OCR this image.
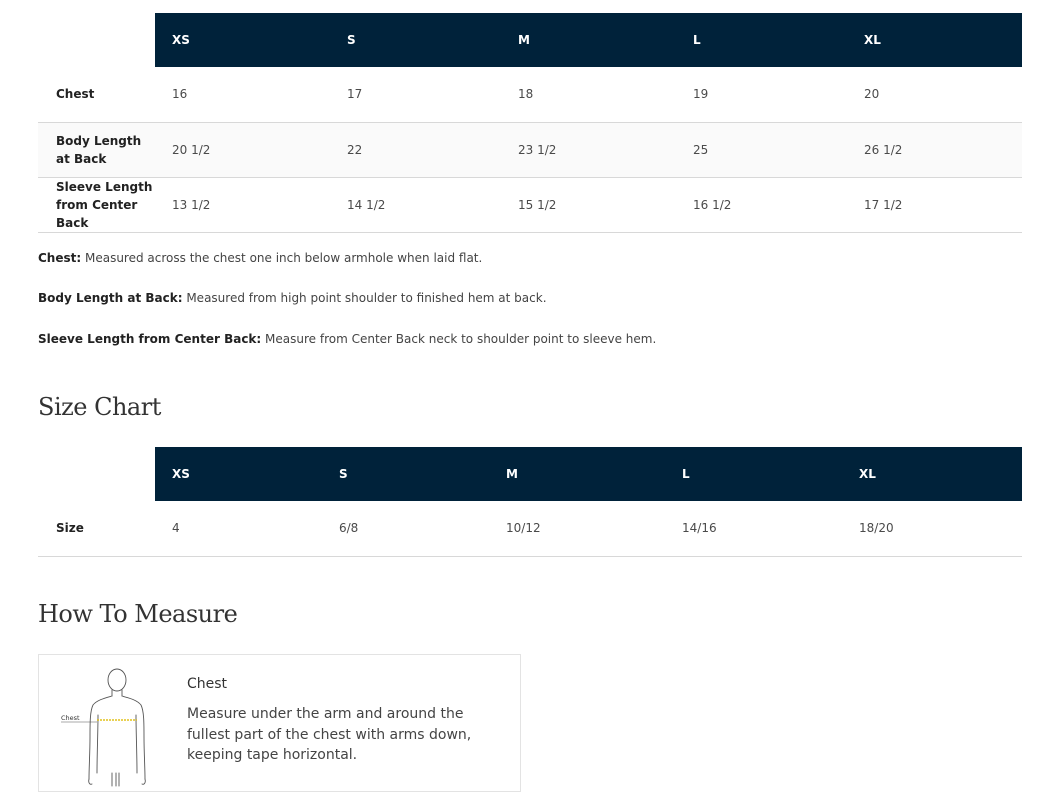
	XS	S	M	L	XL
Chest	16	17	18	19	20
Body Length at Back	20 1/2	22	23 1/2	25	26 1/2
Sleeve Length from Center Back	13 1/2	14 1/2	15 1/2	16 1/2	17 1/2

Chest: Measured across the chest one inch below armhole when laid flat.

Body Length at Back: Measured from high point shoulder to finished hem at back.

Sleeve Length from Center Back: Measure from Center Back neck to shoulder point to sleeve hem.

Size Chart
	XS	S	M	L	XL
Size	4	6/8	10/12	14/16	18/20
How To Measure
Chest
Chest

Measure under the arm and around the fullest part of the chest with arms down, keeping tape horizontal.
